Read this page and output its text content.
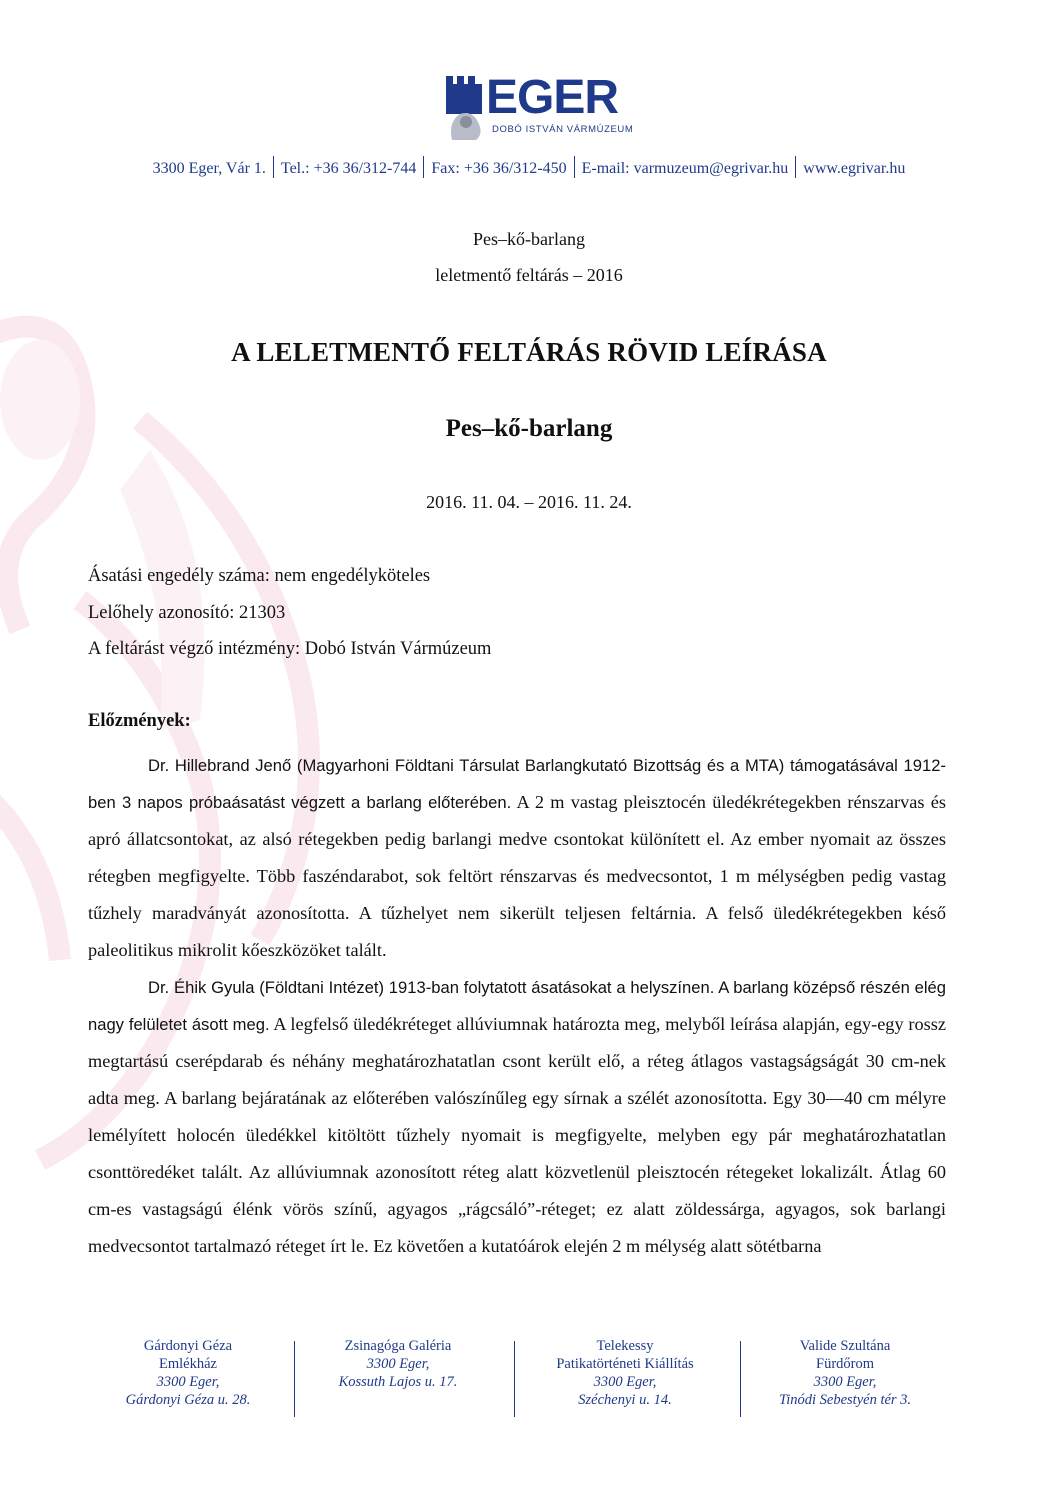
EGER
DOBÓ ISTVÁN VÁRMÚZEUM
3300 Eger, Vár 1. Tel.: +36 36/312-744 Fax: +36 36/312-450 E-mail: varmuzeum@egrivar.hu www.egrivar.hu
Pes–kő-barlang
leletmentő feltárás – 2016
A LELETMENTŐ FELTÁRÁS RÖVID LEÍRÁSA
Pes–kő-barlang
2016. 11. 04. – 2016. 11. 24.
Ásatási engedély száma: nem engedélyköteles
Lelőhely azonosító: 21303
A feltárást végző intézmény: Dobó István Vármúzeum
Előzmények:

Dr. Hillebrand Jenő (Magyarhoni Földtani Társulat Barlangkutató Bizottság és a MTA) támogatásával 1912-ben 3 napos próbaásatást végzett a barlang előterében. A 2 m vastag pleisztocén üledékrétegekben rénszarvas és apró állatcsontokat, az alsó rétegekben pedig barlangi medve csontokat különített el. Az ember nyomait az összes rétegben megfigyelte. Több faszéndarabot, sok feltört rénszarvas és medvecsontot, 1 m mélységben pedig vastag tűzhely maradványát azonosította. A tűzhelyet nem sikerült teljesen feltárnia. A felső üledékrétegekben késő paleolitikus mikrolit kőeszközöket talált.

Dr. Éhik Gyula (Földtani Intézet) 1913-ban folytatott ásatásokat a helyszínen. A barlang középső részén elég nagy felületet ásott meg. A legfelső üledékréteget allúviumnak határozta meg, melyből leírása alapján, egy-egy rossz megtartású cserépdarab és néhány meghatározhatatlan csont került elő, a réteg átlagos vastagságságát 30 cm-nek adta meg. A barlang bejáratának az előterében valószínűleg egy sírnak a szélét azonosította. Egy 30—40 cm mélyre lemélyített holocén üledékkel kitöltött tűzhely nyomait is megfigyelte, melyben egy pár meghatározhatatlan csonttöredéket talált. Az allúviumnak azonosított réteg alatt közvetlenül pleisztocén rétegeket lokalizált. Átlag 60 cm-es vastagságú élénk vörös színű, agyagos „rágcsáló”-réteget; ez alatt zöldessárga, agyagos, sok barlangi medvecsontot tartalmazó réteget írt le. Ez követően a kutatóárok elején 2 m mélység alatt sötétbarna

Gárdonyi Géza
Emlékház
3300 Eger,
Gárdonyi Géza u. 28.
Zsinagóga Galéria
3300 Eger,
Kossuth Lajos u. 17.
Telekessy
Patikatörténeti Kiállítás
3300 Eger,
Széchenyi u. 14.
Valide Szultána
Fürdőrom
3300 Eger,
Tinódi Sebestyén tér 3.
